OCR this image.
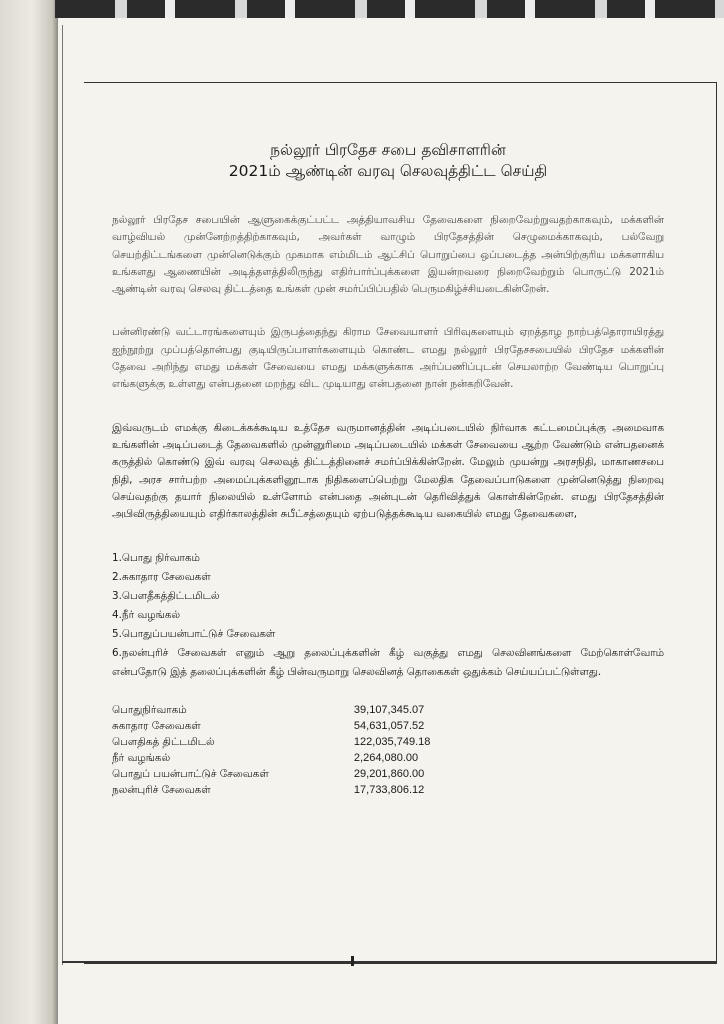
நல்லூர் பிரதேச சபை தவிசாளரின்
2021ம் ஆண்டின் வரவு செலவுத்திட்ட செய்தி

நல்லூர் பிரதேச சபையின் ஆளுகைக்குட்பட்ட அத்தியாவசிய தேவைகளை நிறைவேற்றுவதற்காகவும், மக்களின் வாழ்வியல் முன்னேற்றத்திற்காகவும், அவர்கள் வாழும் பிரதேசத்தின் செழுமைக்காகவும், பல்வேறு செயற்திட்டங்களை முன்னெடுக்கும் முகமாக எம்மிடம் ஆட்சிப் பொறுப்பை ஒப்படைத்த அன்பிற்குரிய மக்களாகிய உங்களது ஆணையின் அடித்தளத்திலிருந்து எதிர்பார்ப்புக்களை இயன்றவரை நிறைவேற்றும் பொருட்டு 2021ம் ஆண்டின் வரவு செலவு திட்டத்தை உங்கள் முன் சமர்ப்பிப்பதில் பெருமகிழ்ச்சியடைகின்றேன்.

பன்னிரண்டு வட்டாரங்களையும் இருபத்தைந்து கிராம சேவையாளர் பிரிவுகளையும் ஏறத்தாழ நாற்பத்தொராயிரத்து ஐந்நூற்று முப்பத்தொன்பது குடியிருப்பாளர்களையும் கொண்ட எமது நல்லூர் பிரதேசசபையில் பிரதேச மக்களின் தேவை அறிந்து எமது மக்கள் சேவையை எமது மக்களுக்காக அர்ப்பணிப்புடன் செயலாற்ற வேண்டிய பொறுப்பு எங்களுக்கு உள்ளது என்பதனை மறந்து விட முடியாது என்பதனை நான் நன்கறிவேன்.

இவ்வருடம் எமக்கு கிடைக்கக்கூடிய உத்தேச வருமானத்தின் அடிப்படையில் நிர்வாக கட்டமைப்புக்கு அமைவாக உங்களின் அடிப்படைத் தேவைகளில் முன்னுரிமை அடிப்படையில் மக்கள் சேவையை ஆற்ற வேண்டும் என்பதனைக் கருத்தில் கொண்டு இவ் வரவு செலவுத் திட்டத்தினைச் சமர்ப்பிக்கின்றேன். மேலும் முயன்று அரசநிதி, மாகாணசபை நிதி, அரச சார்பற்ற அமைப்புக்களினூடாக நிதிகளைப்பெற்று மேலதிக தேவைப்பாடுகளை முன்னெடுத்து நிறைவு செய்வதற்கு தயார் நிலையில் உள்ளோம் என்பதை அன்புடன் தெரிவித்துக் கொள்கின்றேன். எமது பிரதேசத்தின் அபிவிருத்தியையும் எதிர்காலத்தின் சுபீட்சத்தையும் ஏற்படுத்தக்கூடிய வகையில் எமது தேவைகளை,

1.பொது நிர்வாகம்
2.சுகாதார சேவைகள்
3.பௌதீகத்திட்டமிடல்
4.நீர் வழங்கல்
5.பொதுப்பயன்பாட்டுச் சேவைகள்

6.நலன்புரிச் சேவைகள் எனும் ஆறு தலைப்புக்களின் கீழ் வகுத்து எமது செலவினங்களை மேற்கொள்வோம் என்பதோடு இத் தலைப்புக்களின் கீழ் பின்வருமாறு செலவினத் தொகைகள் ஒதுக்கம் செய்யப்பட்டுள்ளது.

பொதுநிர்வாகம்	39,107,345.07
சுகாதார சேவைகள்	54,631,057.52
பௌதிகத் திட்டமிடல்	122,035,749.18
நீர் வழங்கல்	2,264,080.00
பொதுப் பயன்பாட்டுச் சேவைகள்	29,201,860.00
நலன்புரிச் சேவைகள்	17,733,806.12
